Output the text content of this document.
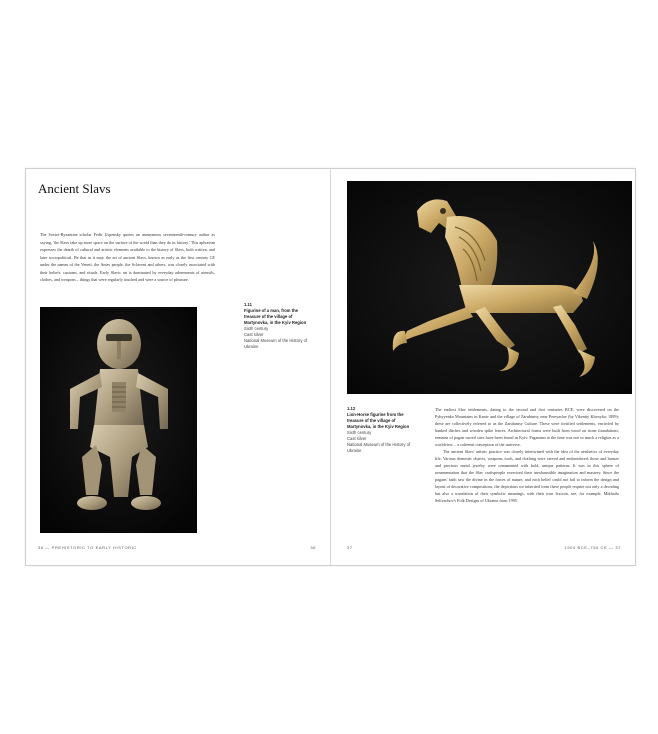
Ancient Slavs

The Soviet-Byzantine scholar Fedir Uspensky quotes an anonymous seventeenth-century author as saying, 'the Slavs take up more space on the surface of the world than they do in history.' This aphorism expresses the dearth of cultural and artistic elements available to the history of Slavs, both written, and later sociopolitical. Be that as it may, the art of ancient Slavs, known as early as the first century CE under the names of the Veneti, the Antes people, the Sclaveni and others, was closely associated with their beliefs, customs, and rituals. Early Slavic art is dominated by everyday adornments of utensils, clothes, and weapons – things that were regularly touched and were a source of pleasure.

1.11
Figurine of a man, from the treasure of the village of Martynovka, in the Kyiv Region
Sixth century
Cast silver
National Museum of the History of Ukraine
36 — PREHISTORIC TO EARLY HISTORIC	36
1.12
Lion-Horse figurine from the treasure of the village of Martynovka, in the Kyiv Region
Sixth century
Cast silver
National Museum of the History of Ukraine

The earliest Slav settlements, dating to the second and first centuries BCE, were discovered on the Pyhyyenko Mountains in Kaniv and the village of Zarubintsy near Pereyaslav (by Vikentiy Khvoyka, 1899); these are collectively referred to as the Zarubintsy Culture. These were fortified settlements, encircled by banked ditches and wooden spike fences. Architectural forms were built from wood on stone foundations; remains of pagan sacred sites have been found in Kyiv. Paganism at the time was not so much a religion as a worldview – a coherent conception of the universe.

The ancient Slavs' artistic practice was closely intertwined with the idea of the aesthetics of everyday life. Various domestic objects, weapons, tools, and clothing were carved and embroidered; those and bronze and precious metal jewelry were ornamented with bold, unique patterns. It was in this sphere of ornamentation that the Slav craftspeople exercised their inexhaustible imagination and mastery. Since the pagans' faith saw the divine in the forces of nature, and each belief could not fail to inform the design and layout of decorative compositions, the depictions we inherited from these people require not only a decoding but also a translation of their symbolic meanings, with their own lexicon, see, for example, Mikhailo Selivachov's Folk Designs of Ukraine from 1995.

37	1500 BCE–750 CE — 37
